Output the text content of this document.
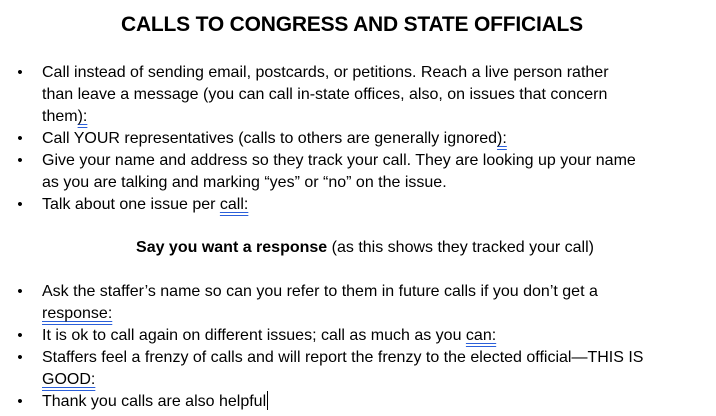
CALLS TO CONGRESS AND STATE OFFICIALS
• Call instead of sending email, postcards, or petitions. Reach a live person rather
than leave a message (you can call in-state offices, also, on issues that concern
them):
• Call YOUR representatives (calls to others are generally ignored):
• Give your name and address so they track your call. They are looking up your name
as you are talking and marking “yes” or “no” on the issue.
• Talk about one issue per call:
Say you want a response (as this shows they tracked your call)
• Ask the staffer’s name so can you refer to them in future calls if you don’t get a
response:
• It is ok to call again on different issues; call as much as you can:
• Staffers feel a frenzy of calls and will report the frenzy to the elected official—THIS IS
GOOD:
• Thank you calls are also helpful
